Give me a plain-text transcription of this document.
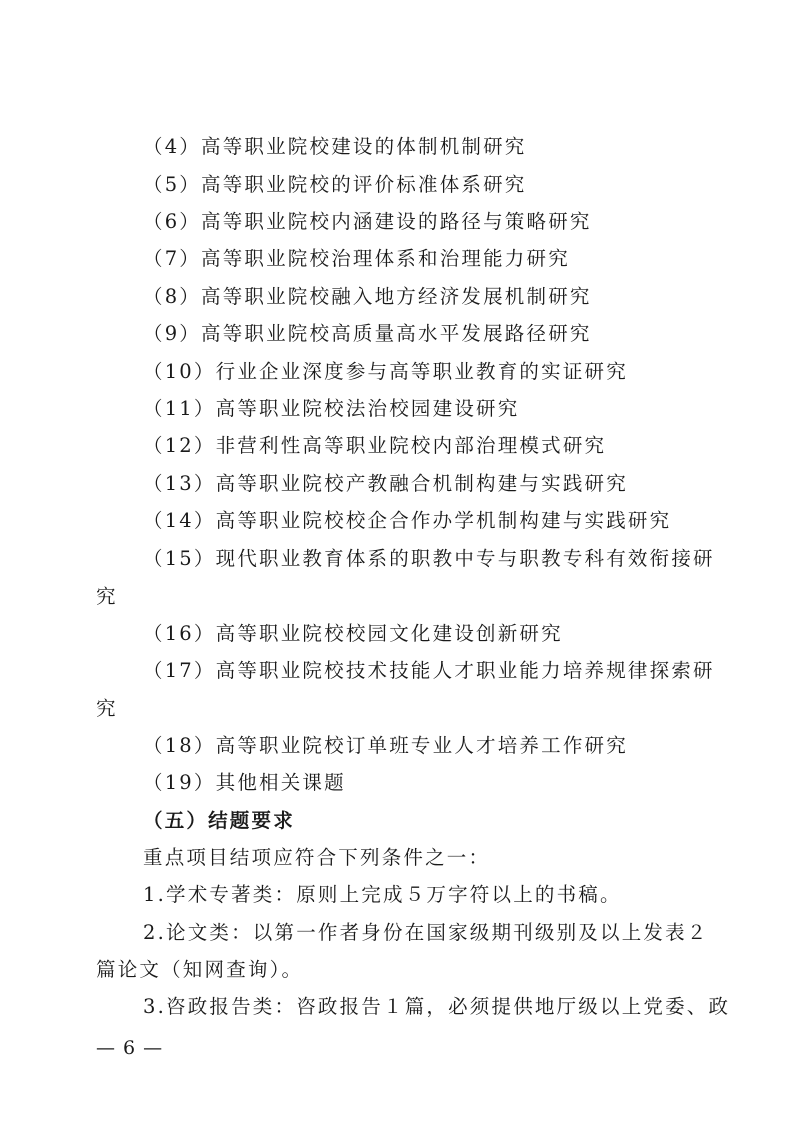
（4）高等职业院校建设的体制机制研究
（5）高等职业院校的评价标准体系研究
（6）高等职业院校内涵建设的路径与策略研究
（7）高等职业院校治理体系和治理能力研究
（8）高等职业院校融入地方经济发展机制研究
（9）高等职业院校高质量高水平发展路径研究
（10）行业企业深度参与高等职业教育的实证研究
（11）高等职业院校法治校园建设研究
（12）非营利性高等职业院校内部治理模式研究
（13）高等职业院校产教融合机制构建与实践研究
（14）高等职业院校校企合作办学机制构建与实践研究
（15）现代职业教育体系的职教中专与职教专科有效衔接研
究
（16）高等职业院校校园文化建设创新研究
（17）高等职业院校技术技能人才职业能力培养规律探索研
究
（18）高等职业院校订单班专业人才培养工作研究
（19）其他相关课题
（五）结题要求
重点项目结项应符合下列条件之一：
1.学术专著类：原则上完成５万字符以上的书稿。
2.论文类：以第一作者身份在国家级期刊级别及以上发表２
篇论文（知网查询）。
3.咨政报告类：咨政报告１篇，必须提供地厅级以上党委、政
— 6 —
